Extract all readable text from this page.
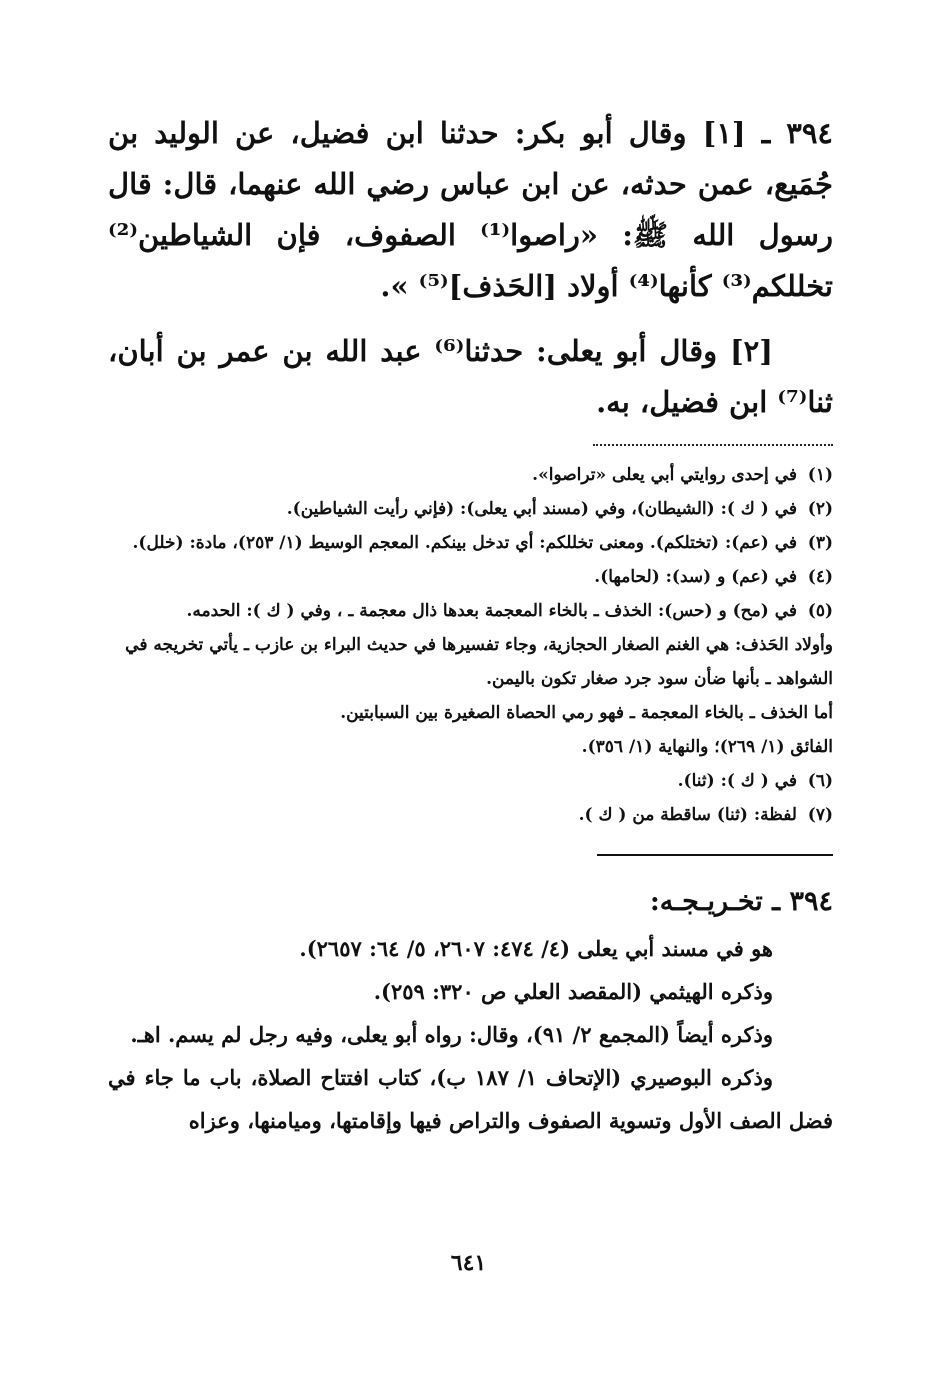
٣٩٤ ـ [١] وقال أبو بكر: حدثنا ابن فضيل، عن الوليد بن جُمَيع، عمن حدثه، عن ابن عباس رضي الله عنهما، قال: قال رسول الله ﷺ: «راصوا⁽¹⁾ الصفوف، فإن الشياطين⁽²⁾ تخللكم⁽³⁾ كأنها⁽⁴⁾ أولاد [الحَذف]⁽⁵⁾ ».

[٢] وقال أبو يعلى: حدثنا⁽⁶⁾ عبد الله بن عمر بن أبان، ثنا⁽⁷⁾ ابن فضيل، به.

(١)
في إحدى روايتي أبي يعلى «تراصوا».
(٢)
في ( ك ): (الشيطان)، وفي (مسند أبي يعلى): (فإني رأيت الشياطين).
(٣)
في (عم): (تختلكم). ومعنى تخللكم: أي تدخل بينكم. المعجم الوسيط (١/ ٢٥٣)، مادة: (خلل).
(٤)
في (عم) و (سد): (لحامها).
(٥)
في (مح) و (حس): الخذف ـ بالخاء المعجمة بعدها ذال معجمة ـ ، وفي ( ك ): الحدمه.
وأولاد الحَذف: هي الغنم الصغار الحجازية، وجاء تفسيرها في حديث البراء بن عازب ـ يأتي تخريجه في الشواهد ـ بأنها ضأن سود جرد صغار تكون باليمن.
أما الخذف ـ بالخاء المعجمة ـ فهو رمي الحصاة الصغيرة بين السبابتين.
الفائق (١/ ٢٦٩)؛ والنهاية (١/ ٣٥٦).
(٦)
في ( ك ): (ثنا).
(٧)
لفظة: (ثنا) ساقطة من ( ك ).
٣٩٤ ـ تخـريـجـه:

هو في مسند أبي يعلى (٤/ ٤٧٤: ٢٦٠٧، ٥/ ٦٤: ٢٦٥٧).

وذكره الهيثمي (المقصد العلي ص ٣٢٠: ٢٥٩).

وذكره أيضاً (المجمع ٢/ ٩١)، وقال: رواه أبو يعلى، وفيه رجل لم يسم. اهـ.

وذكره البوصيري (الإتحاف ١/ ١٨٧ ب)، كتاب افتتاح الصلاة، باب ما جاء في فضل الصف الأول وتسوية الصفوف والتراص فيها وإقامتها، وميامنها، وعزاه

٦٤١
